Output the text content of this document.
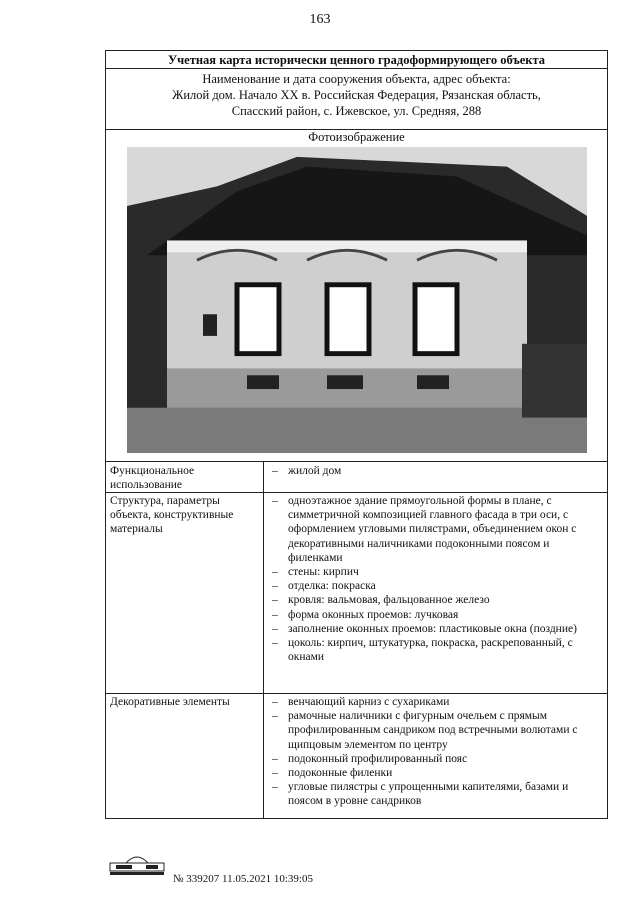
163
Учетная карта исторически ценного градоформирующего объекта
Наименование и дата сооружения объекта, адрес объекта:
Жилой дом. Начало XX в. Российская Федерация, Рязанская область,
Спасский район, с. Ижевское, ул. Средняя, 288
Фотоизображение
Функциональное использование
– жилой дом
Структура, параметры объекта, конструктивные материалы
– одноэтажное здание прямоугольной формы в плане, с симметричной композицией главного фасада в три оси, с оформлением угловыми пилястрами, объединением окон с декоративными наличниками подоконными поясом и филенками
– стены: кирпич
– отделка: покраска
– кровля: вальмовая, фальцованное железо
– форма оконных проемов: лучковая
– заполнение оконных проемов: пластиковые окна (поздние)
– цоколь: кирпич, штукатурка, покраска, раскрепованный, с окнами
Декоративные элементы	– венчающий карниз с сухариками
– рамочные наличники с фигурным очельем с прямым профилированным сандриком под встречными волютами с щипцовым элементом по центру
– подоконный профилированный пояс
– подоконные филенки
– угловые пилястры с упрощенными капителями, базами и поясом в уровне сандриков
№ 339207 11.05.2021 10:39:05
